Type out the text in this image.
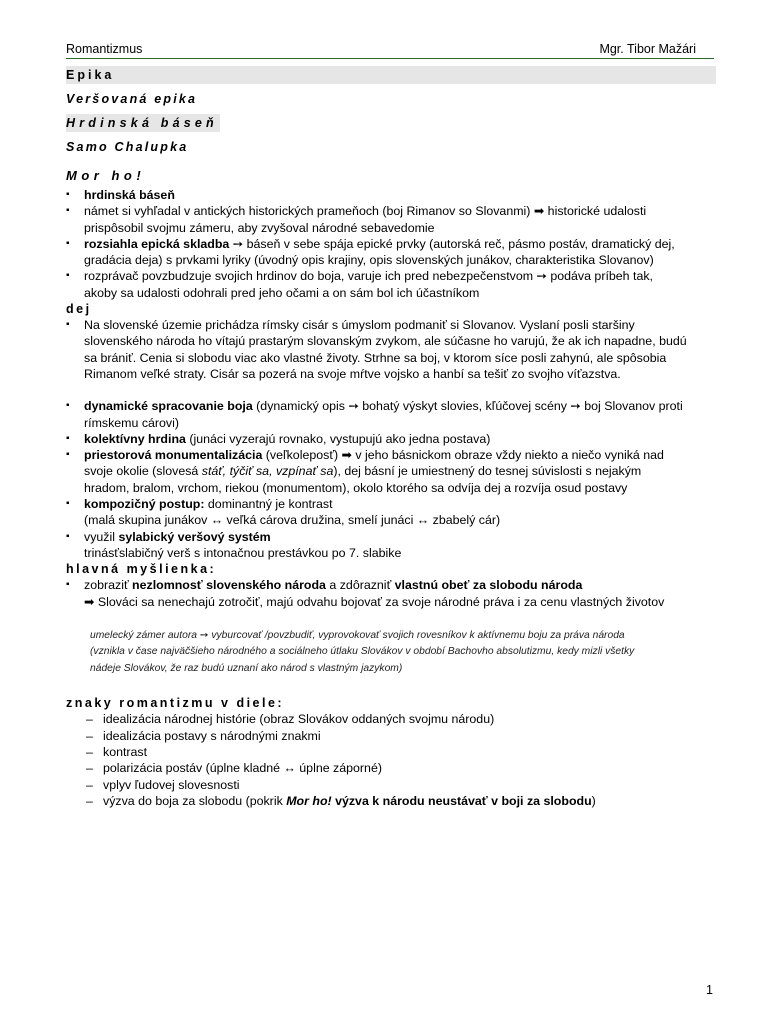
Romantizmus	Mgr. Tibor Mažári
Epika
Veršovaná epika
Hrdinská báseň
Samo Chalupka
Mor ho!
▪ hrdinská báseň
▪ námet si vyhľadal v antických historických prameňoch (boj Rimanov so Slovanmi) ➡ historické udalosti
prispôsobil svojmu zámeru, aby zvyšoval národné sebavedomie
▪ rozsiahla epická skladba ➙ báseň v sebe spája epické prvky (autorská reč, pásmo postáv, dramatický dej,
gradácia deja) s prvkami lyriky (úvodný opis krajiny, opis slovenských junákov, charakteristika Slovanov)
▪ rozprávač povzbudzuje svojich hrdinov do boja, varuje ich pred nebezpečenstvom ➙ podáva príbeh tak,
akoby sa udalosti odohrali pred jeho očami a on sám bol ich účastníkom
dej
▪ Na slovenské územie prichádza rímsky cisár s úmyslom podmaniť si Slovanov. Vyslaní posli staršiny
slovenského národa ho vítajú prastarým slovanským zvykom, ale súčasne ho varujú, že ak ich napadne, budú
sa brániť. Cenia si slobodu viac ako vlastné životy. Strhne sa boj, v ktorom síce posli zahynú, ale spôsobia
Rimanom veľké straty. Cisár sa pozerá na svoje mŕtve vojsko a hanbí sa tešiť zo svojho víťazstva.
▪ dynamické spracovanie boja (dynamický opis ➙ bohatý výskyt slovies, kľúčovej scény ➙ boj Slovanov proti
rímskemu cárovi)
▪ kolektívny hrdina (junáci vyzerajú rovnako, vystupujú ako jedna postava)
▪ priestorová monumentalizácia (veľkoleposť) ➡ v jeho básnickom obraze vždy niekto a niečo vyniká nad
svoje okolie (slovesá stáť, týčiť sa, vzpínať sa), dej básní je umiestnený do tesnej súvislosti s nejakým
hradom, bralom, vrchom, riekou (monumentom), okolo ktorého sa odvíja dej a rozvíja osud postavy
▪ kompozičný postup: dominantný je kontrast
(malá skupina junákov ↔ veľká cárova družina, smelí junáci ↔ zbabelý cár)
▪ využil sylabický veršový systém
trinásťslabičný verš s intonačnou prestávkou po 7. slabike
hlavná myšlienka:
▪ zobraziť nezlomnosť slovenského národa a zdôrazniť vlastnú obeť za slobodu národa
➡ Slováci sa nenechajú zotročiť, majú odvahu bojovať za svoje národné práva i za cenu vlastných životov
umelecký zámer autora ➙ vyburcovať /povzbudiť, vyprovokovať svojich rovesníkov k aktívnemu boju za práva národa
(vznikla v čase najväčšieho národného a sociálneho útlaku Slovákov v období Bachovho absolutizmu, kedy mizli všetky
nádeje Slovákov, že raz budú uznaní ako národ s vlastným jazykom)
znaky romantizmu v diele:
– idealizácia národnej histórie (obraz Slovákov oddaných svojmu národu)
– idealizácia postavy s národnými znakmi
– kontrast
– polarizácia postáv (úplne kladné ↔ úplne záporné)
– vplyv ľudovej slovesnosti
– výzva do boja za slobodu (pokrik Mor ho! výzva k národu neustávať v boji za slobodu)
1
